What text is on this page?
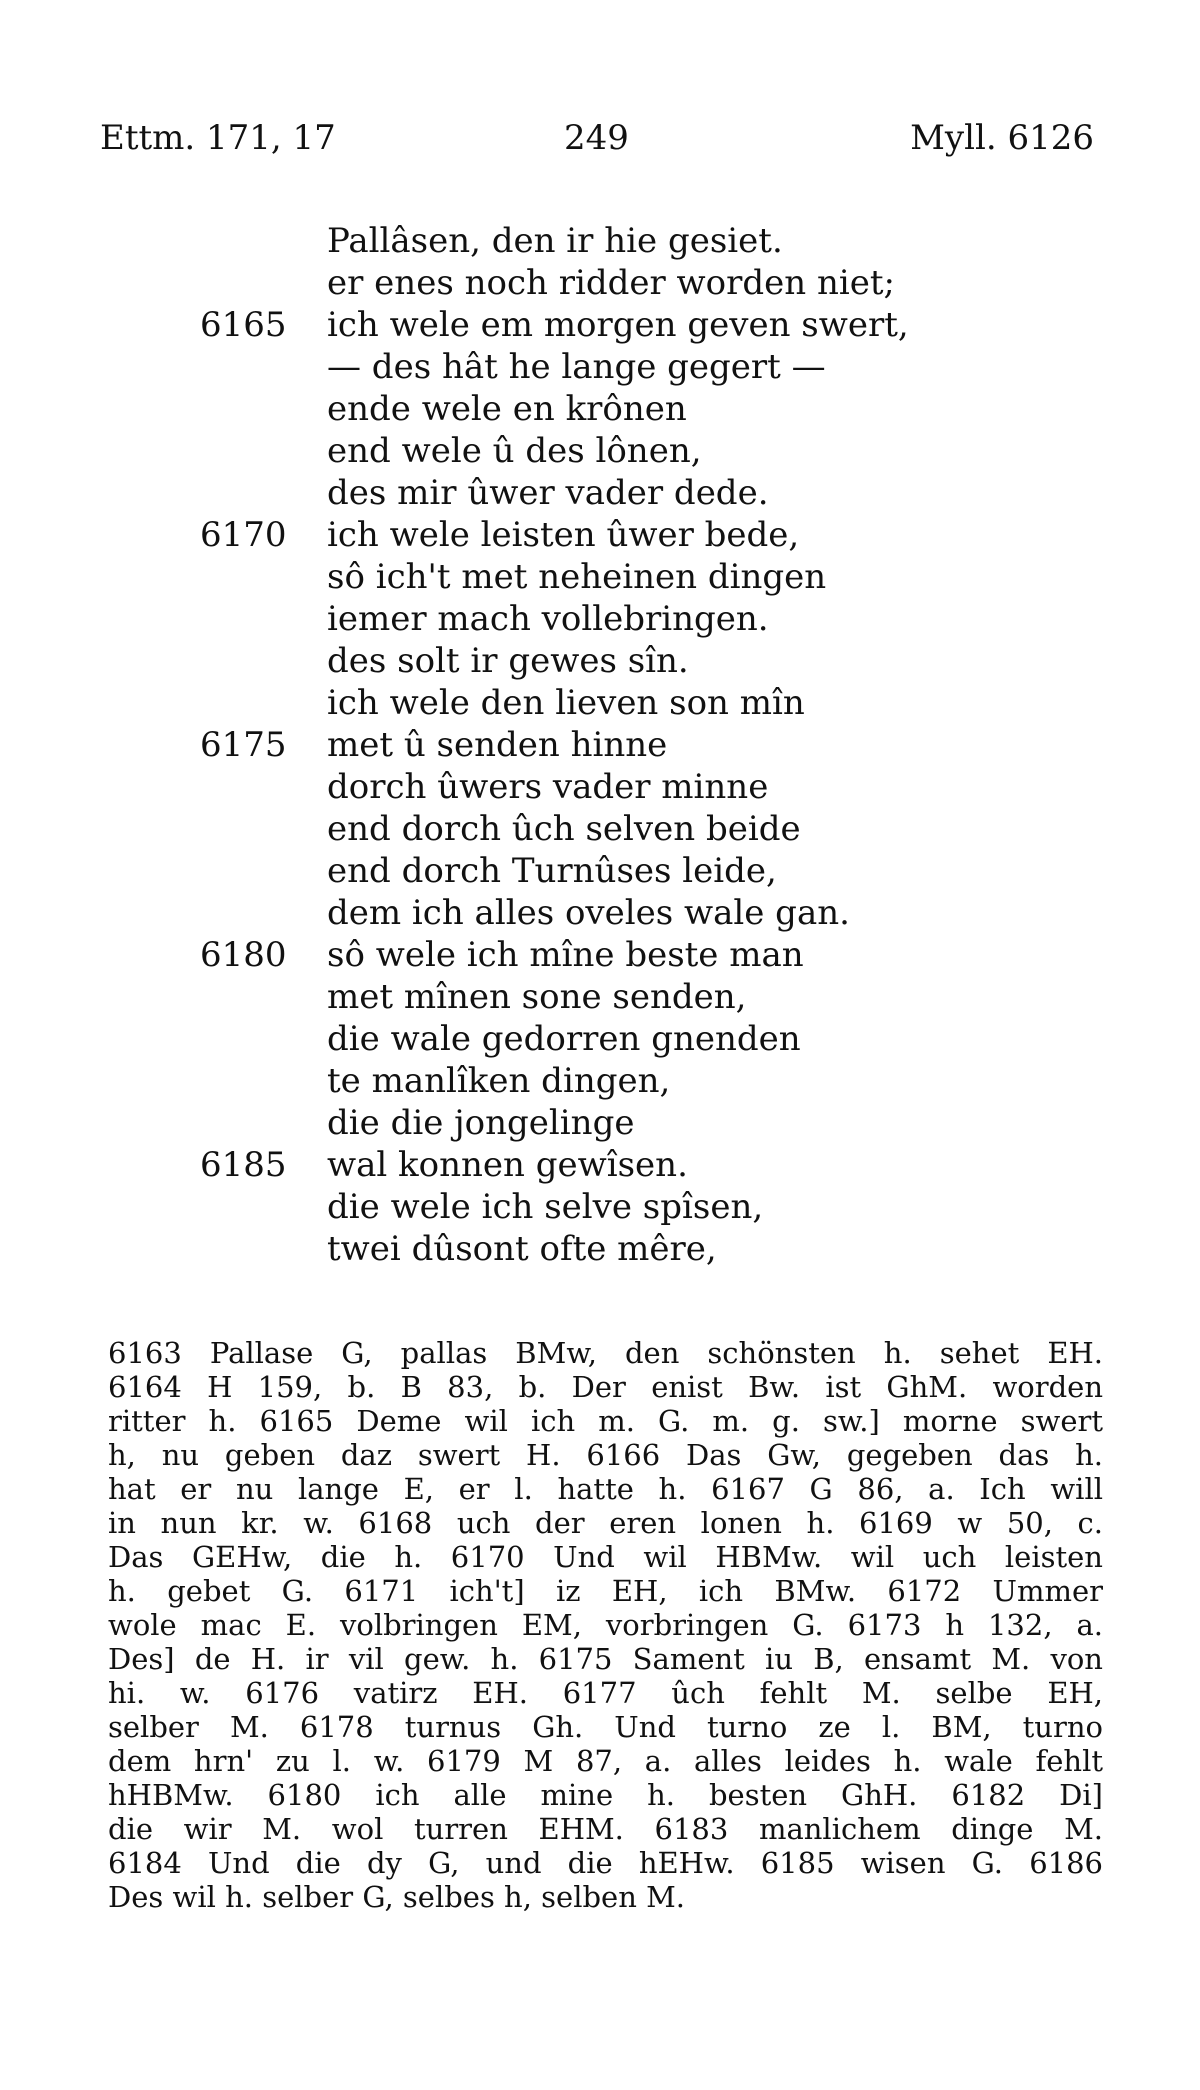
Ettm. 171, 17	249	Myll. 6126
Pallâsen, den ir hie gesiet.
er enes noch ridder worden niet;
6165 ich wele em morgen geven swert,
— des hât he lange gegert —
ende wele en krônen
end wele û des lônen,
des mir ûwer vader dede.
6170 ich wele leisten ûwer bede,
sô ich't met neheinen dingen
iemer mach vollebringen.
des solt ir gewes sîn.
ich wele den lieven son mîn
6175 met û senden hinne
dorch ûwers vader minne
end dorch ûch selven beide
end dorch Turnûses leide,
dem ich alles oveles wale gan.
6180 sô wele ich mîne beste man
met mînen sone senden,
die wale gedorren gnenden
te manlîken dingen,
die die jongelinge
6185 wal konnen gewîsen.
die wele ich selve spîsen,
twei dûsont ofte mêre,
6163 Pallase G, pallas BMw, den schönsten h. sehet EH.
6164 H 159, b. B 83, b. Der enist Bw. ist GhM. worden
ritter h. 6165 Deme wil ich m. G. m. g. sw.] morne swert
h, nu geben daz swert H. 6166 Das Gw, gegeben das h.
hat er nu lange E, er l. hatte h. 6167 G 86, a. Ich will
in nun kr. w. 6168 uch der eren lonen h. 6169 w 50, c.
Das GEHw, die h. 6170 Und wil HBMw. wil uch leisten
h. gebet G. 6171 ich't] iz EH, ich BMw. 6172 Ummer
wole mac E. volbringen EM, vorbringen G. 6173 h 132, a.
Des] de H. ir vil gew. h. 6175 Sament iu B, ensamt M. von
hi. w. 6176 vatirz EH. 6177 ûch fehlt M. selbe EH,
selber M. 6178 turnus Gh. Und turno ze l. BM, turno
dem hrn' zu l. w. 6179 M 87, a. alles leides h. wale fehlt
hHBMw. 6180 ich alle mine h. besten GhH. 6182 Di]
die wir M. wol turren EHM. 6183 manlichem dinge M.
6184 Und die dy G, und die hEHw. 6185 wisen G. 6186
Des wil h. selber G, selbes h, selben M.
